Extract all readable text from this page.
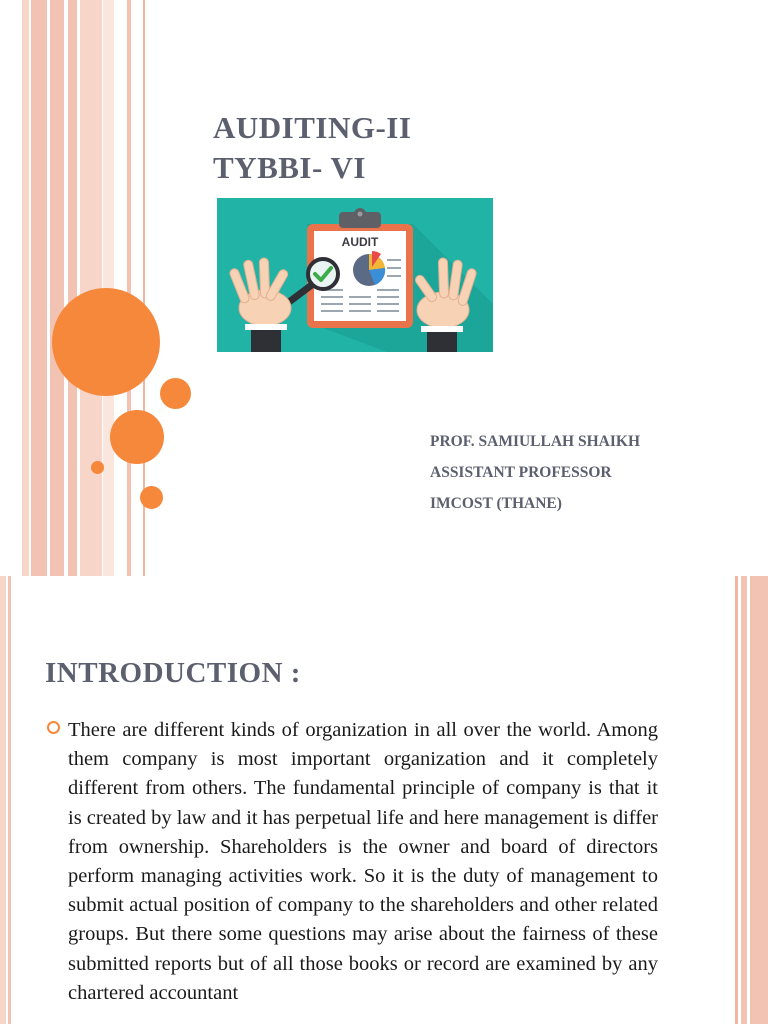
AUDITING-II
TYBBI- VI
AUDIT
PROF. SAMIULLAH SHAIKH
ASSISTANT PROFESSOR
IMCOST (THANE)
INTRODUCTION :

There are different kinds of organization in all over the world. Among them company is most important organization and it completely different from others. The fundamental principle of company is that it is created by law and it has perpetual life and here management is differ from ownership. Shareholders is the owner and board of directors perform managing activities work. So it is the duty of management to submit actual position of company to the shareholders and other related groups. But there some questions may arise about the fairness of these submitted reports but of all those books or record are examined by any chartered accountant
